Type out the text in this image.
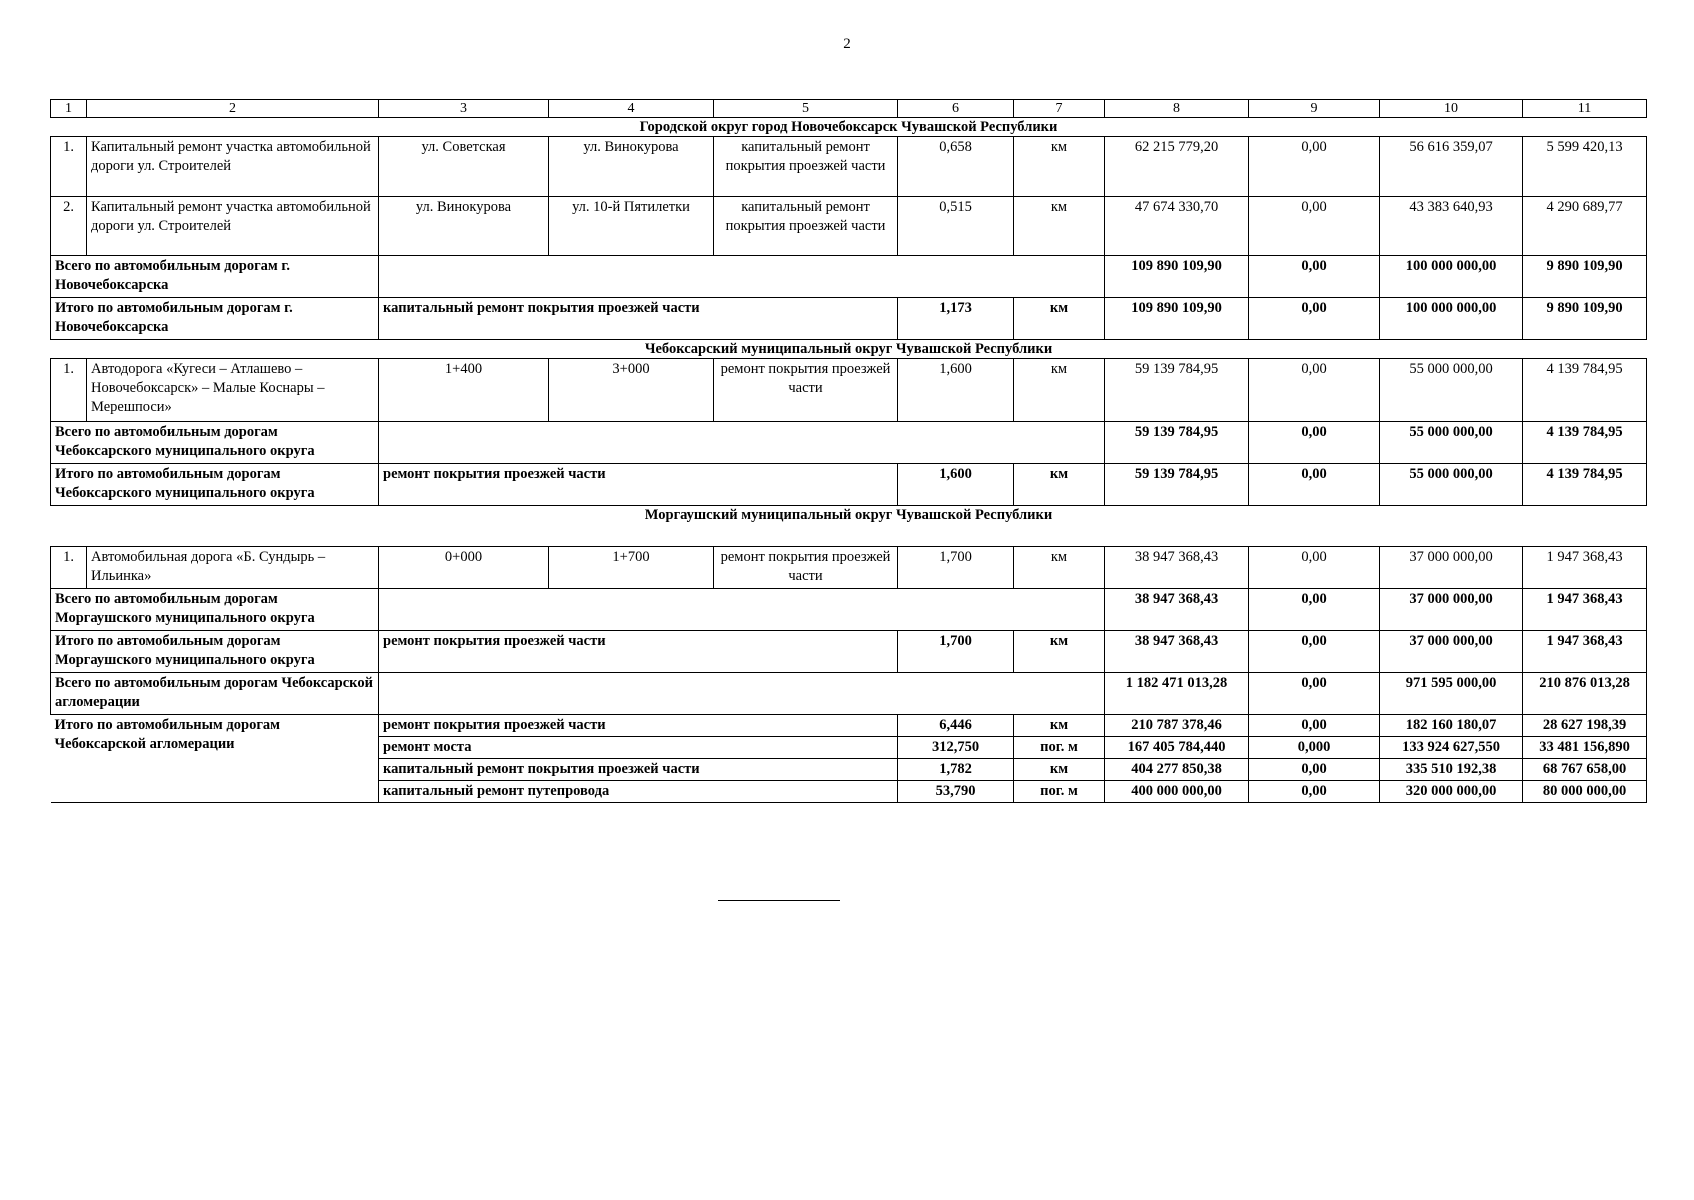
2
1	2	3	4	5	6	7	8	9	10	11
Городской округ город Новочебоксарск Чувашской Республики										
1.	Капитальный ремонт участка автомобильной дороги ул. Строителей	ул. Советская	ул. Винокурова	капитальный ремонт покрытия проезжей части	0,658	км	62 215 779,20	0,00	56 616 359,07	5 599 420,13
2.	Капитальный ремонт участка автомобильной дороги ул. Строителей	ул. Винокурова	ул. 10-й Пятилетки	капитальный ремонт покрытия проезжей части	0,515	км	47 674 330,70	0,00	43 383 640,93	4 290 689,77
Всего по автомобильным дорогам г. Новочебоксарска							109 890 109,90	0,00	100 000 000,00	9 890 109,90
Итого по автомобильным дорогам г. Новочебоксарска		капитальный ремонт покрытия проезжей части			1,173	км	109 890 109,90	0,00	100 000 000,00	9 890 109,90
Чебоксарский муниципальный округ Чувашской Республики										
1.	Автодорога «Кугеси – Атлашево – Новочебоксарск» – Малые Коснары – Мерешпоси»	1+400	3+000	ремонт покрытия проезжей части	1,600	км	59 139 784,95	0,00	55 000 000,00	4 139 784,95
Всего по автомобильным дорогам Чебоксарского муниципального округа							59 139 784,95	0,00	55 000 000,00	4 139 784,95
Итого по автомобильным дорогам Чебоксарского муниципального округа		ремонт покрытия проезжей части			1,600	км	59 139 784,95	0,00	55 000 000,00	4 139 784,95
Моргаушский муниципальный округ Чувашской Республики										
1.	Автомобильная дорога «Б. Сундырь – Ильинка»	0+000	1+700	ремонт покрытия проезжей части	1,700	км	38 947 368,43	0,00	37 000 000,00	1 947 368,43
Всего по автомобильным дорогам Моргаушского муниципального округа							38 947 368,43	0,00	37 000 000,00	1 947 368,43
Итого по автомобильным дорогам Моргаушского муниципального округа		ремонт покрытия проезжей части			1,700	км	38 947 368,43	0,00	37 000 000,00	1 947 368,43
Всего по автомобильным дорогам Чебоксарской агломерации							1 182 471 013,28	0,00	971 595 000,00	210 876 013,28
Итого по автомобильным дорогам Чебоксарской агломерации		ремонт покрытия проезжей части			6,446	км	210 787 378,46	0,00	182 160 180,07	28 627 198,39
		ремонт моста			312,750	пог. м	167 405 784,440	0,000	133 924 627,550	33 481 156,890
		капитальный ремонт покрытия проезжей части			1,782	км	404 277 850,38	0,00	335 510 192,38	68 767 658,00
		капитальный ремонт путепровода			53,790	пог. м	400 000 000,00	0,00	320 000 000,00	80 000 000,00
